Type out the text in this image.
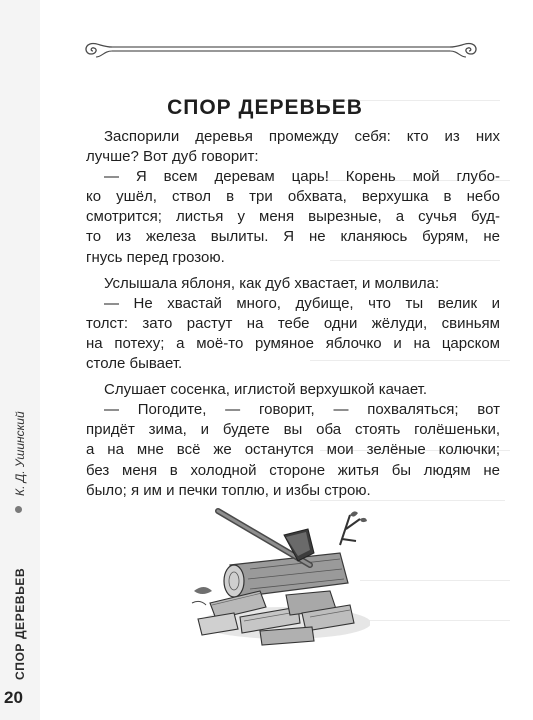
СПОР ДЕРЕВЬЕВ
К. Д. Ушинский
20
СПОР ДЕРЕВЬЕВ

Заспорили деревья промежду себя: кто из них
лучше? Вот дуб говорит:

— Я всем деревам царь! Корень мой глубо-
ко ушёл, ствол в три обхвата, верхушка в небо
смотрится; листья у меня вырезные, а сучья буд-
то из железа вылиты. Я не кланяюсь бурям, не
гнусь перед грозою.

Услышала яблоня, как дуб хвастает, и молвила:

— Не хвастай много, дубище, что ты велик и
толст: зато растут на тебе одни жёлуди, свиньям
на потеху; а моё-то румяное яблочко и на царском
столе бывает.

Слушает сосенка, иглистой верхушкой качает.

— Погодите, — говорит, — похваляться; вот
придёт зима, и будете вы оба стоять голёшеньки,
а на мне всё же останутся мои зелёные колючки;
без меня в холодной стороне житья бы людям не
было; я им и печки топлю, и избы строю.
